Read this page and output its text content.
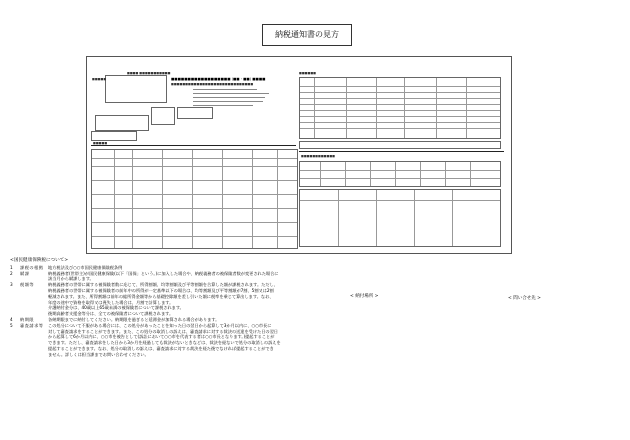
納税通知書の見方
■■■■■
■■■■ ■■■■■■■■■■■
■■■■■■■■■■■■■■■■■■ (■■・■■) ■■■■
■■■■■■■■■■■■■■■■■■■■■■■■■■■■■
■■■■■
■■■■■■
■■■■■■■■■■■■
<国民健康保険税について>
1	課税の根拠	地方税法及び○○市国民健康保険税条例
2	賦課	納税義務者(世帯主)が国民健康保険(以下「国保」という。)に加入した場合や、納税義務者の被保険者数が変更された場合に
該当月から賦課します。
3	税額等	納税義務者の世帯に属する被保険者数に応じて、所得割額、均等割額及び平等割額を合算した額が課税されます。ただし、
納税義務者の世帯に属する被保険者の前年中の所得が一定基準以下の場合は、均等割額及び平等割額が7割、5割又は2割
軽減されます。また、所得割額は前年の総所得金額等から基礎控除額を差し引いた額に税率を乗じて算出します。なお、
年度の途中で資格を取得又は喪失した場合は、月割で計算します。
介護納付金分は、40歳以上65歳未満の被保険者について課税されます。
後期高齢者支援金等分は、全ての被保険者について課税されます。
4	納期限	各納期限までに納付してください。納期限を過ぎると延滞金が加算される場合があります。
5	審査請求等	この処分について不服がある場合には、この処分があったことを知った日の翌日から起算して3か月以内に、○○市長に
対して審査請求をすることができます。また、この処分の取消しの訴えは、審査請求に対する裁決の送達を受けた日の翌日
から起算して6か月以内に、○○市を被告として(訴訟において○○市を代表する者は○○市長となります。)提起することが
できます。ただし、審査請求をした日から3か月を経過しても裁決がないときなどは、裁決を経ないで処分の取消しの訴えを
提起することができます。なお、処分の取消しの訴えは、審査請求に対する裁決を経た後でなければ提起することができ
ません。詳しくは担当課までお問い合わせください。
< 納付場所 >	< 問い合せ先 >
